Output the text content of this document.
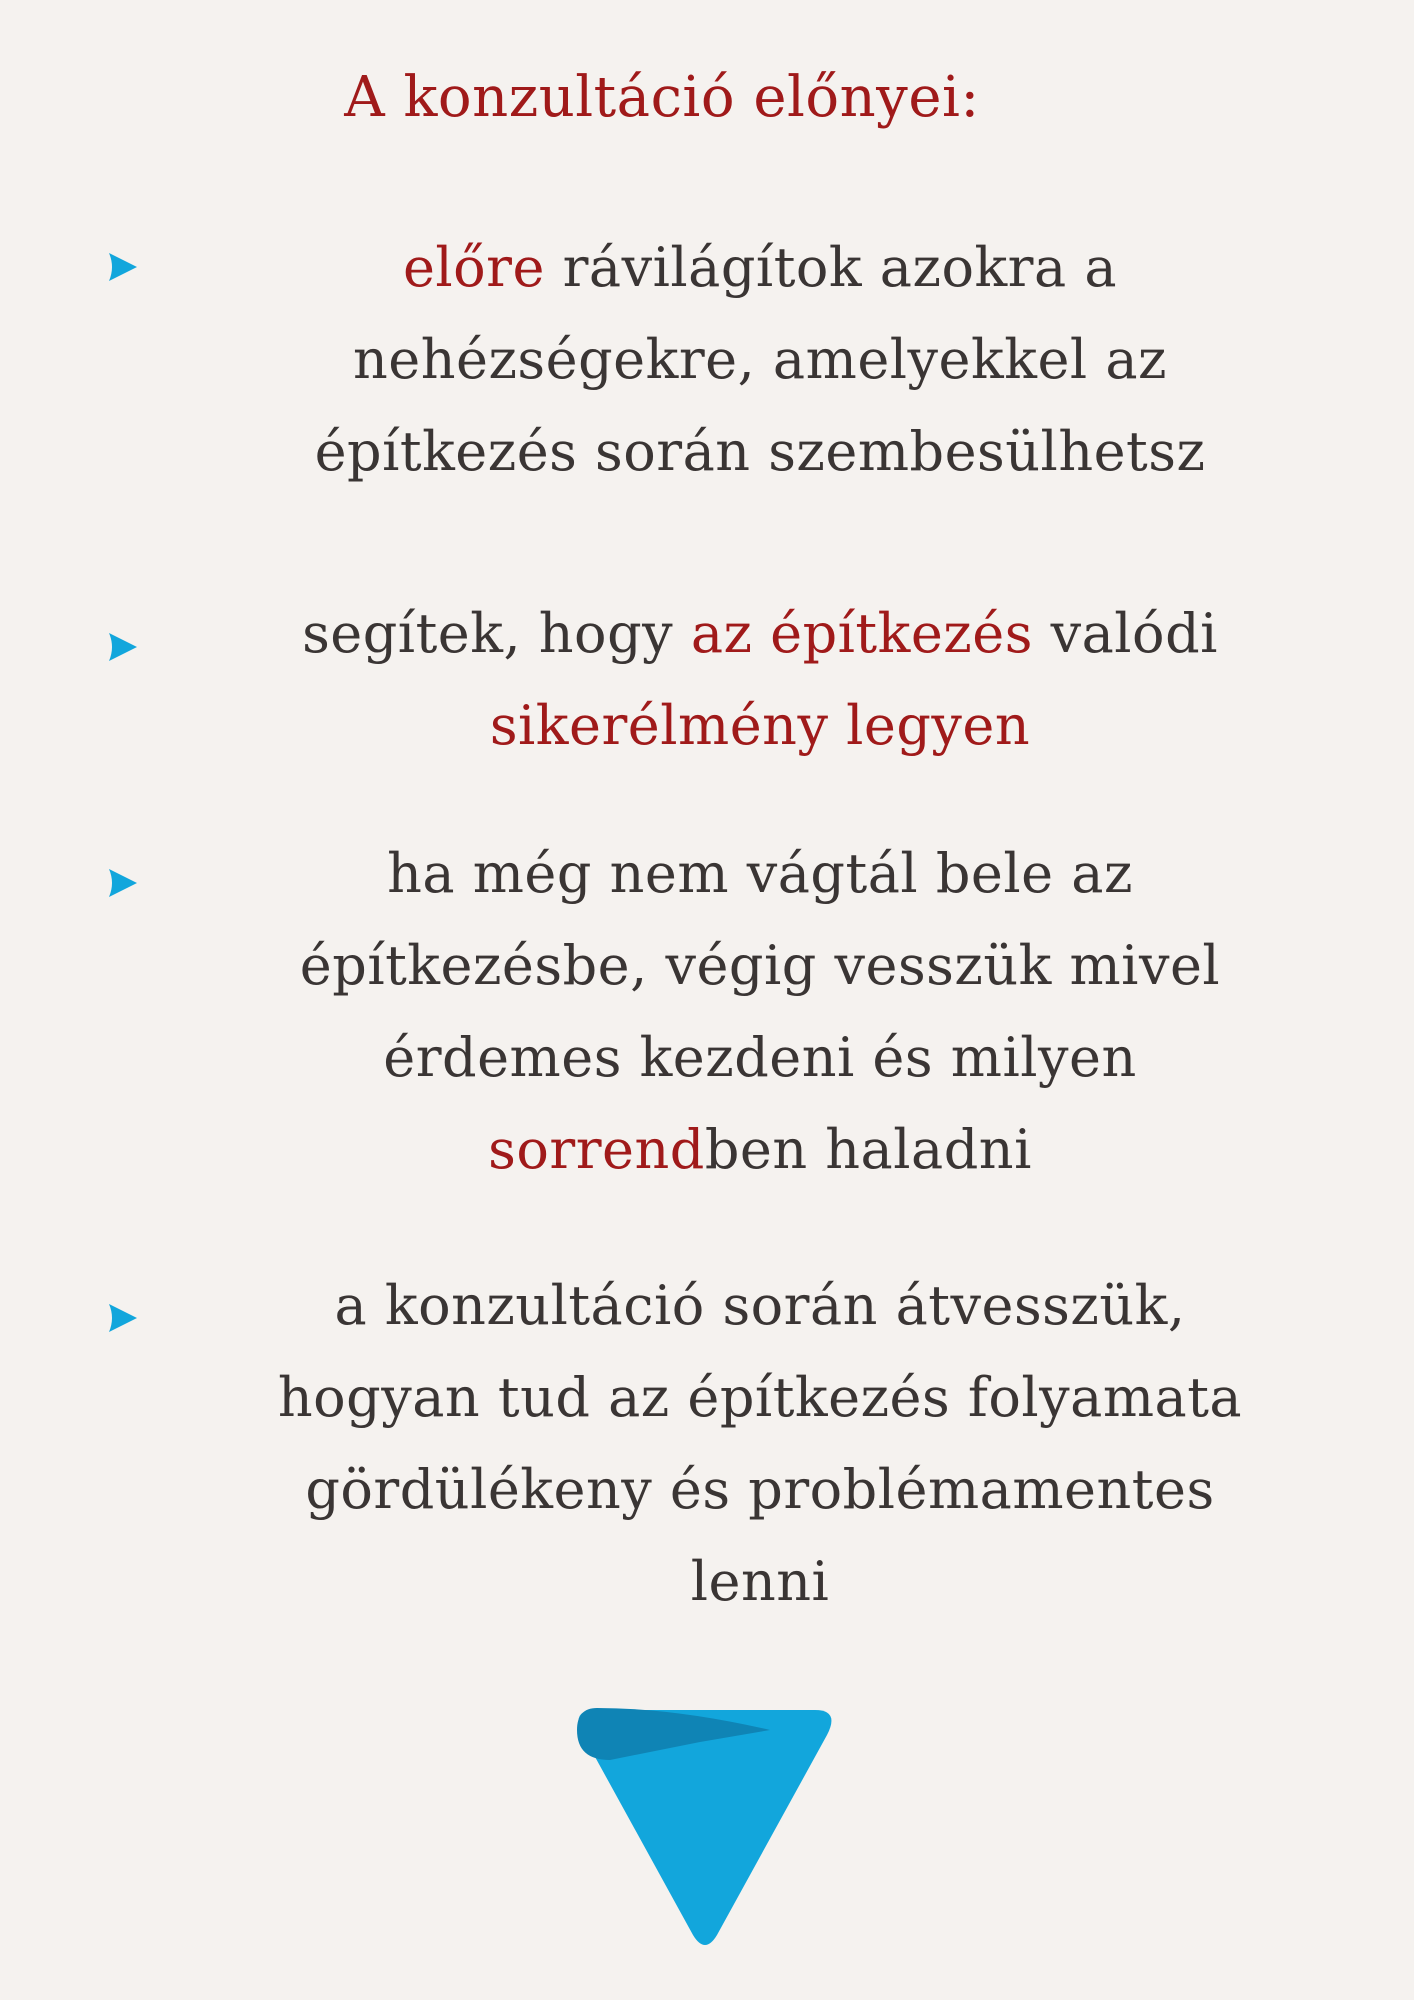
A konzultáció előnyei:
előre rávilágítok azokra a
nehézségekre, amelyekkel az
építkezés során szembesülhetsz
segítek, hogy az építkezés valódi
sikerélmény legyen
ha még nem vágtál bele az
építkezésbe, végig vesszük mivel
érdemes kezdeni és milyen
sorrendben haladni
a konzultáció során átvesszük,
hogyan tud az építkezés folyamata
gördülékeny és problémamentes
lenni
